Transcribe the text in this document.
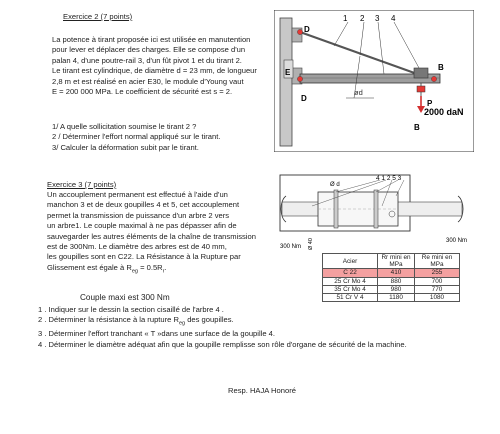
Exercice 2 (7 points)
La potence à tirant proposée ici est utilisée en manutention
pour lever et déplacer des charges. Elle se compose d'un
palan 4, d'une poutre-rail 3, d'un fût pivot 1 et du tirant 2.
Le tirant est cylindrique, de diamètre d = 23 mm, de longueur
2,8 m et est réalisé en acier E30, le module d'Young vaut
E = 200 000 MPa. Le coefficient de sécurité est s = 2.
1/ A quelle sollicitation soumise le tirant 2 ?
2 / Déterminer l'effort normal appliqué sur le tirant.
3/ Calculer la déformation subit par le tirant.
1 2 3 4
D
E
B
D
ød
B
P
2000 daN
Exercice 3 (7 points)
Un accouplement permanent est effectué à l'aide d'un
manchon 3 et de deux goupilles 4 et 5, cet accouplement
permet la transmission de puissance d'un arbre 2 vers
un arbre1. Le couple maximal à ne pas dépasser afin de
sauvegarder les autres éléments de la chaîne de transmission
est de 300Nm. Le diamètre des arbres est de 40 mm,
les goupilles sont en C22. La Résistance à la Rupture par
Glissement est égale à $R_{eg} = 0.5R_r$.
Couple maxi est 300 Nm
1 . Indiquer sur le dessin la section cisaillé de l'arbre 4 .
2 . Déterminer la résistance à la rupture $R_{eg}$ des goupilles.
3 . Déterminer l'effort tranchant « T »dans une surface de la goupille 4.
4 . Déterminer le diamètre adéquat afin que la goupille remplisse son rôle d'organe de sécurité de la machine.
Ø d
4 1 2 5 3
300 Nm
300 Nm
Ø 40
Acier	Rr mini en MPa	Re mini en MPa
C 22	410	255
25 Cr Mo 4	880	700
35 Cr Mo 4	980	770
51 Cr V 4	1180	1080
Resp. HAJA Honoré
